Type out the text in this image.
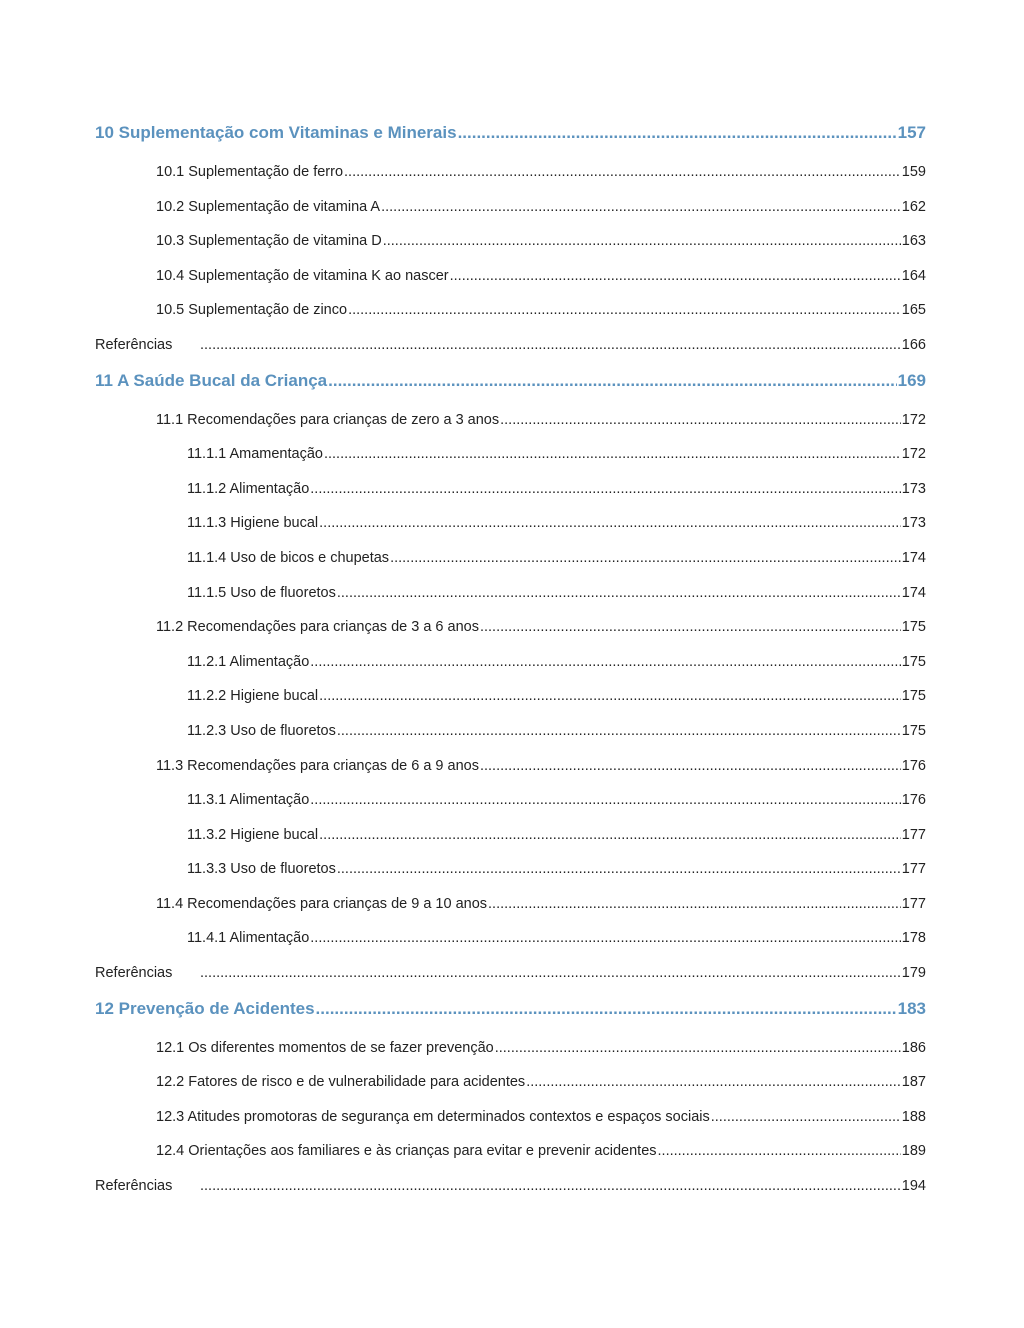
10 Suplementação com Vitaminas e Minerais .....	157
10.1 Suplementação de ferro .....	159
10.2 Suplementação de vitamina A .....	162
10.3 Suplementação de vitamina D .....	163
10.4 Suplementação de vitamina K ao nascer .....	164
10.5 Suplementação de zinco .....	165
Referências .....	166
11 A Saúde Bucal da Criança .....	169
11.1 Recomendações para crianças de zero a 3 anos .....	172
11.1.1 Amamentação .....	172
11.1.2 Alimentação .....	173
11.1.3 Higiene bucal .....	173
11.1.4 Uso de bicos e chupetas .....	174
11.1.5 Uso de fluoretos .....	174
11.2 Recomendações para crianças de 3 a 6 anos .....	175
11.2.1 Alimentação .....	175
11.2.2 Higiene bucal .....	175
11.2.3 Uso de fluoretos .....	175
11.3 Recomendações para crianças de 6 a 9 anos .....	176
11.3.1 Alimentação .....	176
11.3.2 Higiene bucal .....	177
11.3.3 Uso de fluoretos .....	177
11.4 Recomendações para crianças de 9 a 10 anos .....	177
11.4.1 Alimentação .....	178
Referências .....	179
12 Prevenção de Acidentes .....	183
12.1 Os diferentes momentos de se fazer prevenção .....	186
12.2 Fatores de risco e de vulnerabilidade para acidentes .....	187
12.3 Atitudes promotoras de segurança em determinados contextos e espaços sociais .....	188
12.4 Orientações aos familiares e às crianças para evitar e prevenir acidentes .....	189
Referências .....	194
